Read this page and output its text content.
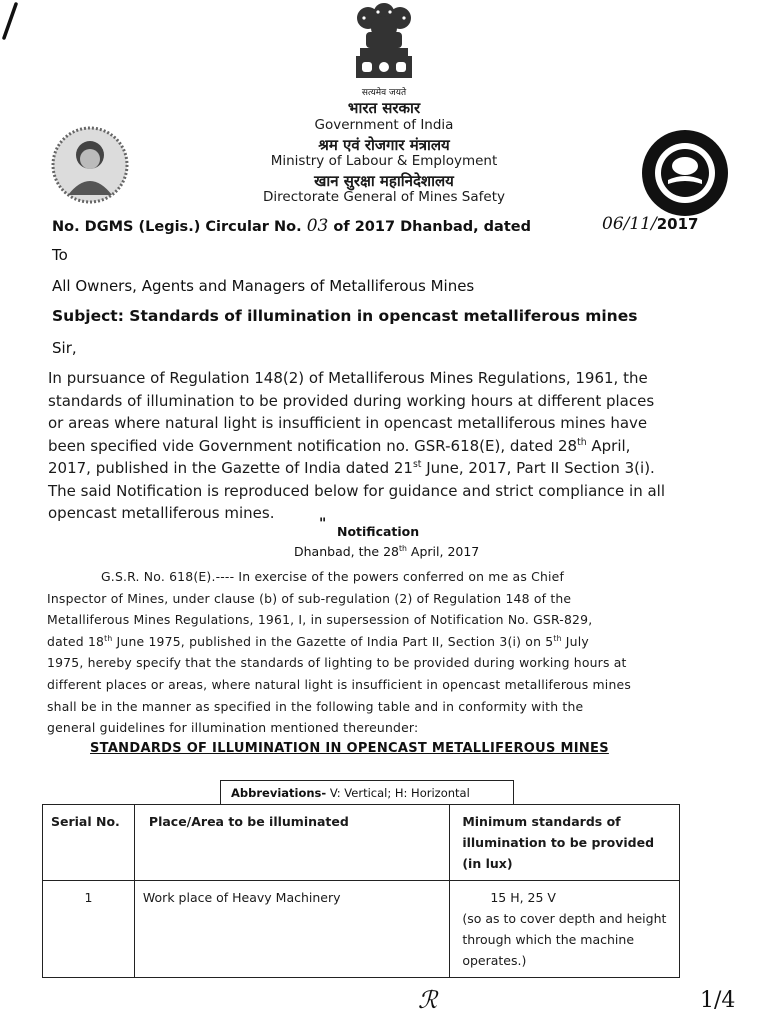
सत्यमेव जयते
भारत सरकार
Government of India
श्रम एवं रोजगार मंत्रालय
Ministry of Labour & Employment
खान सुरक्षा महानिदेशालय
Directorate General of Mines Safety
No. DGMS (Legis.) Circular No. 03 of 2017 Dhanbad, dated	06/11/2017
To
All Owners, Agents and Managers of Metalliferous Mines
Subject: Standards of illumination in opencast metalliferous mines
Sir,
In pursuance of Regulation 148(2) of Metalliferous Mines Regulations, 1961, the
standards of illumination to be provided during working hours at different places
or areas where natural light is insufficient in opencast metalliferous mines have
been specified vide Government notification no. GSR-618(E), dated 28th April,
2017, published in the Gazette of India dated 21st June, 2017, Part II Section 3(i).
The said Notification is reproduced below for guidance and strict compliance in all
opencast metalliferous mines.
" Notification
Dhanbad, the 28th April, 2017
G.S.R. No. 618(E).---- In exercise of the powers conferred on me as Chief
Inspector of Mines, under clause (b) of sub-regulation (2) of Regulation 148 of the
Metalliferous Mines Regulations, 1961, I, in supersession of Notification No. GSR-829,
dated 18th June 1975, published in the Gazette of India Part II, Section 3(i) on 5th July
1975, hereby specify that the standards of lighting to be provided during working hours at
different places or areas, where natural light is insufficient in opencast metalliferous mines
shall be in the manner as specified in the following table and in conformity with the
general guidelines for illumination mentioned thereunder:
STANDARDS OF ILLUMINATION IN OPENCAST METALLIFEROUS MINES
Abbreviations- V: Vertical; H: Horizontal
Serial No.	Place/Area to be illuminated	Minimum standards of illumination to be provided (in lux)
1	Work place of Heavy Machinery	15 H, 25 V
(so as to cover depth and height through which the machine operates.)
ℛ	1/4
